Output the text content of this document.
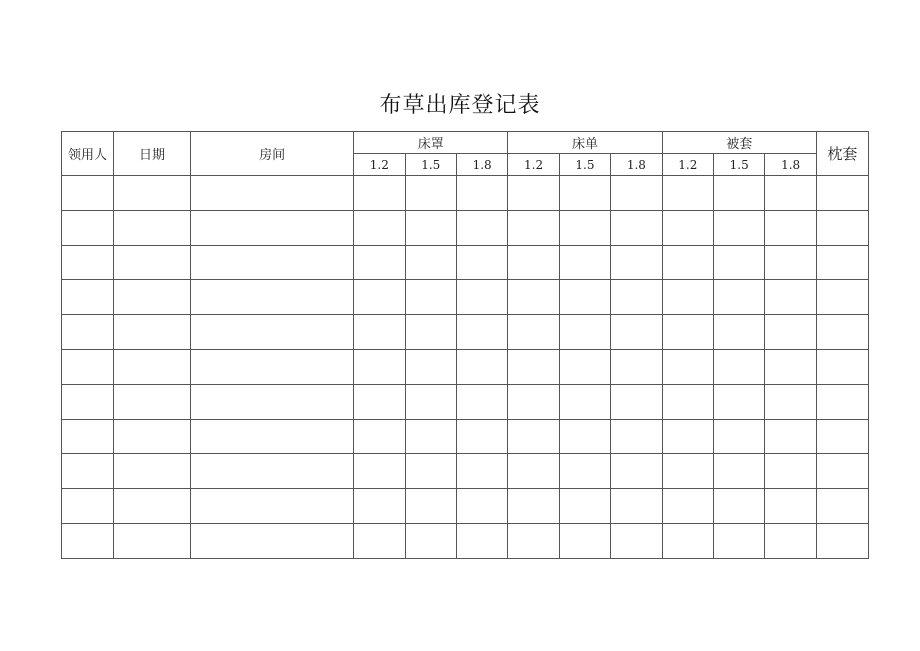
布草出库登记表
领用人	日期	房间	床罩			床单			被套			枕套
			1.2	1.5	1.8	1.2	1.5	1.8	1.2	1.5	1.8	
